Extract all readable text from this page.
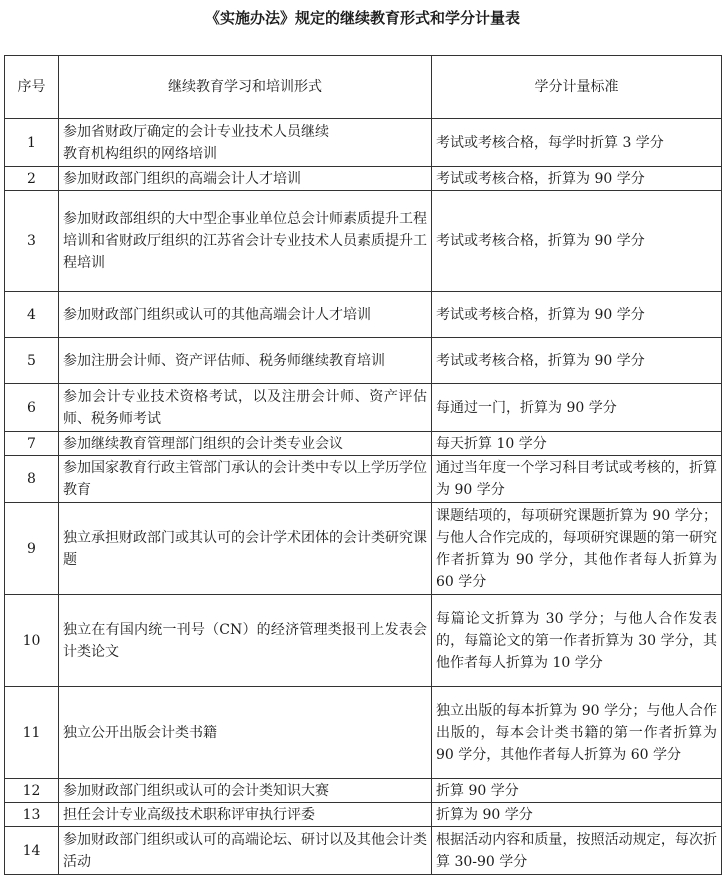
《实施办法》规定的继续教育形式和学分计量表
序号	继续教育学习和培训形式	学分计量标准
1	参加省财政厅确定的会计专业技术人员继续教育机构组织的网络培训	考试或考核合格，每学时折算 3 学分
2	参加财政部门组织的高端会计人才培训	考试或考核合格，折算为 90 学分
3	参加财政部组织的大中型企事业单位总会计师素质提升工程培训和省财政厅组织的江苏省会计专业技术人员素质提升工程培训	考试或考核合格，折算为 90 学分
4	参加财政部门组织或认可的其他高端会计人才培训	考试或考核合格，折算为 90 学分
5	参加注册会计师、资产评估师、税务师继续教育培训	考试或考核合格，折算为 90 学分
6	参加会计专业技术资格考试，以及注册会计师、资产评估师、税务师考试	每通过一门，折算为 90 学分
7	参加继续教育管理部门组织的会计类专业会议	每天折算 10 学分
8	参加国家教育行政主管部门承认的会计类中专以上学历学位教育	通过当年度一个学习科目考试或考核的，折算为 90 学分
9	独立承担财政部门或其认可的会计学术团体的会计类研究课题	课题结项的，每项研究课题折算为 90 学分；与他人合作完成的，每项研究课题的第一研究作者折算为 90 学分，其他作者每人折算为 60 学分
10	独立在有国内统一刊号（CN）的经济管理类报刊上发表会计类论文	每篇论文折算为 30 学分；与他人合作发表的，每篇论文的第一作者折算为 30 学分，其他作者每人折算为 10 学分
11	独立公开出版会计类书籍	独立出版的每本折算为 90 学分；与他人合作出版的，每本会计类书籍的第一作者折算为 90 学分，其他作者每人折算为 60 学分
12	参加财政部门组织或认可的会计类知识大赛	折算 90 学分
13	担任会计专业高级技术职称评审执行评委	折算为 90 学分
14	参加财政部门组织或认可的高端论坛、研讨以及其他会计类活动	根据活动内容和质量，按照活动规定，每次折算 30-90 学分
